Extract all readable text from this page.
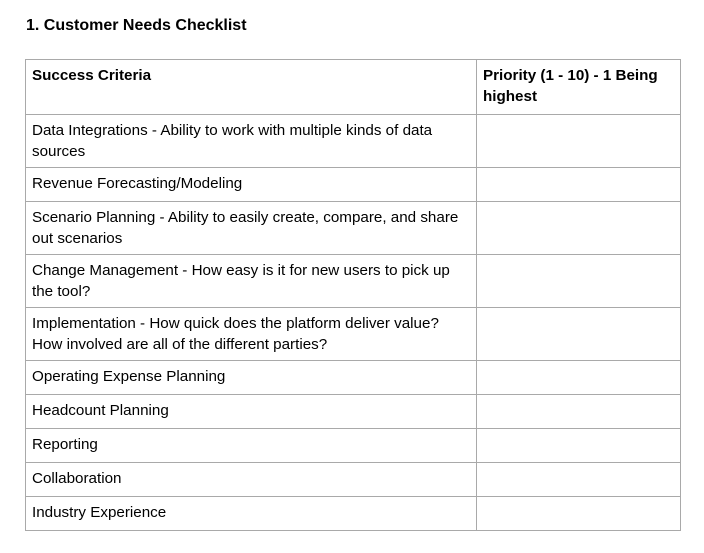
1. Customer Needs Checklist
Success Criteria	Priority (1 - 10) - 1 Being highest
Data Integrations - Ability to work with multiple kinds of data sources	
Revenue Forecasting/Modeling	
Scenario Planning - Ability to easily create, compare, and share out scenarios	
Change Management - How easy is it for new users to pick up the tool?	
Implementation - How quick does the platform deliver value? How involved are all of the different parties?	
Operating Expense Planning	
Headcount Planning	
Reporting	
Collaboration	
Industry Experience	
